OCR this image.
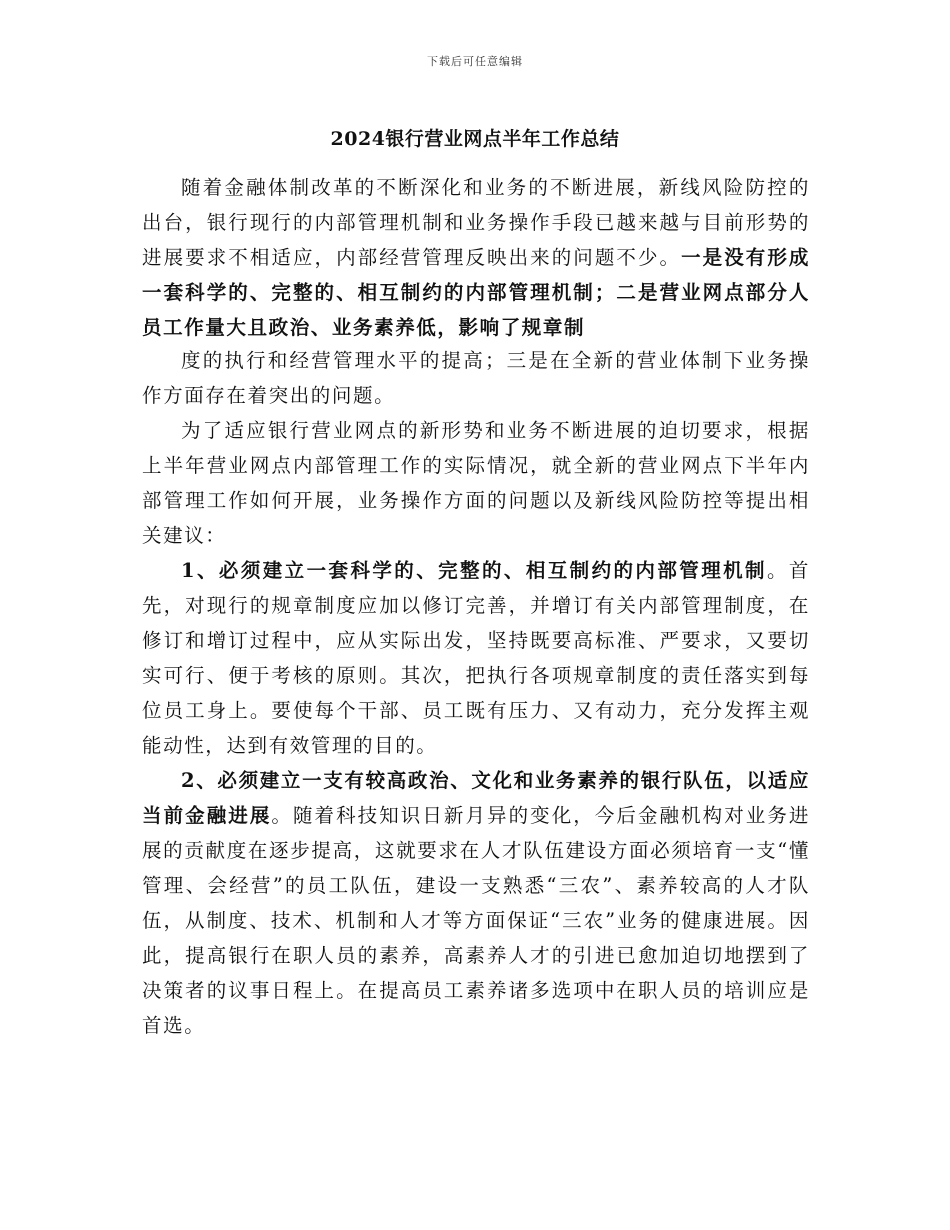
下载后可任意编辑
2024银行营业网点半年工作总结

随着金融体制改革的不断深化和业务的不断进展，新线风险防控的出台，银行现行的内部管理机制和业务操作手段已越来越与目前形势的进展要求不相适应，内部经营管理反映出来的问题不少。一是没有形成一套科学的、完整的、相互制约的内部管理机制；二是营业网点部分人员工作量大且政治、业务素养低，影响了规章制

度的执行和经营管理水平的提高；三是在全新的营业体制下业务操作方面存在着突出的问题。

为了适应银行营业网点的新形势和业务不断进展的迫切要求，根据上半年营业网点内部管理工作的实际情况，就全新的营业网点下半年内部管理工作如何开展，业务操作方面的问题以及新线风险防控等提出相关建议：

1、必须建立一套科学的、完整的、相互制约的内部管理机制。首先，对现行的规章制度应加以修订完善，并增订有关内部管理制度，在修订和增订过程中，应从实际出发，坚持既要高标准、严要求，又要切实可行、便于考核的原则。其次，把执行各项规章制度的责任落实到每位员工身上。要使每个干部、员工既有压力、又有动力，充分发挥主观能动性，达到有效管理的目的。

2、必须建立一支有较高政治、文化和业务素养的银行队伍，以适应当前金融进展。随着科技知识日新月异的变化，今后金融机构对业务进展的贡献度在逐步提高，这就要求在人才队伍建设方面必须培育一支“懂管理、会经营”的员工队伍，建设一支熟悉“三农”、素养较高的人才队伍，从制度、技术、机制和人才等方面保证“三农”业务的健康进展。因此，提高银行在职人员的素养，高素养人才的引进已愈加迫切地摆到了决策者的议事日程上。在提高员工素养诸多选项中在职人员的培训应是首选。
